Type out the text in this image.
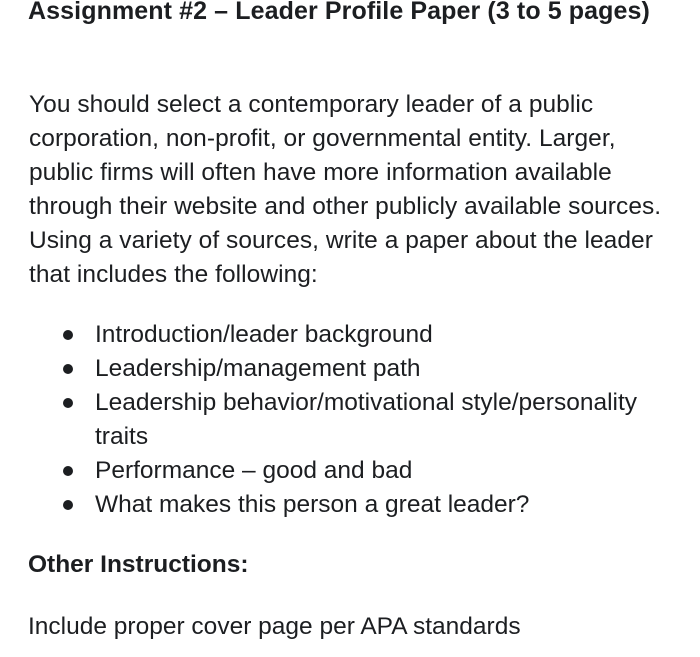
Assignment #2 – Leader Profile Paper (3 to 5 pages)

You should select a contemporary leader of a public corporation, non-profit, or governmental entity. Larger, public firms will often have more information available through their website and other publicly available sources. Using a variety of sources, write a paper about the leader that includes the following:

Introduction/leader background
Leadership/management path
Leadership behavior/motivational style/personality traits
Performance – good and bad
What makes this person a great leader?
Other Instructions:

Include proper cover page per APA standards
